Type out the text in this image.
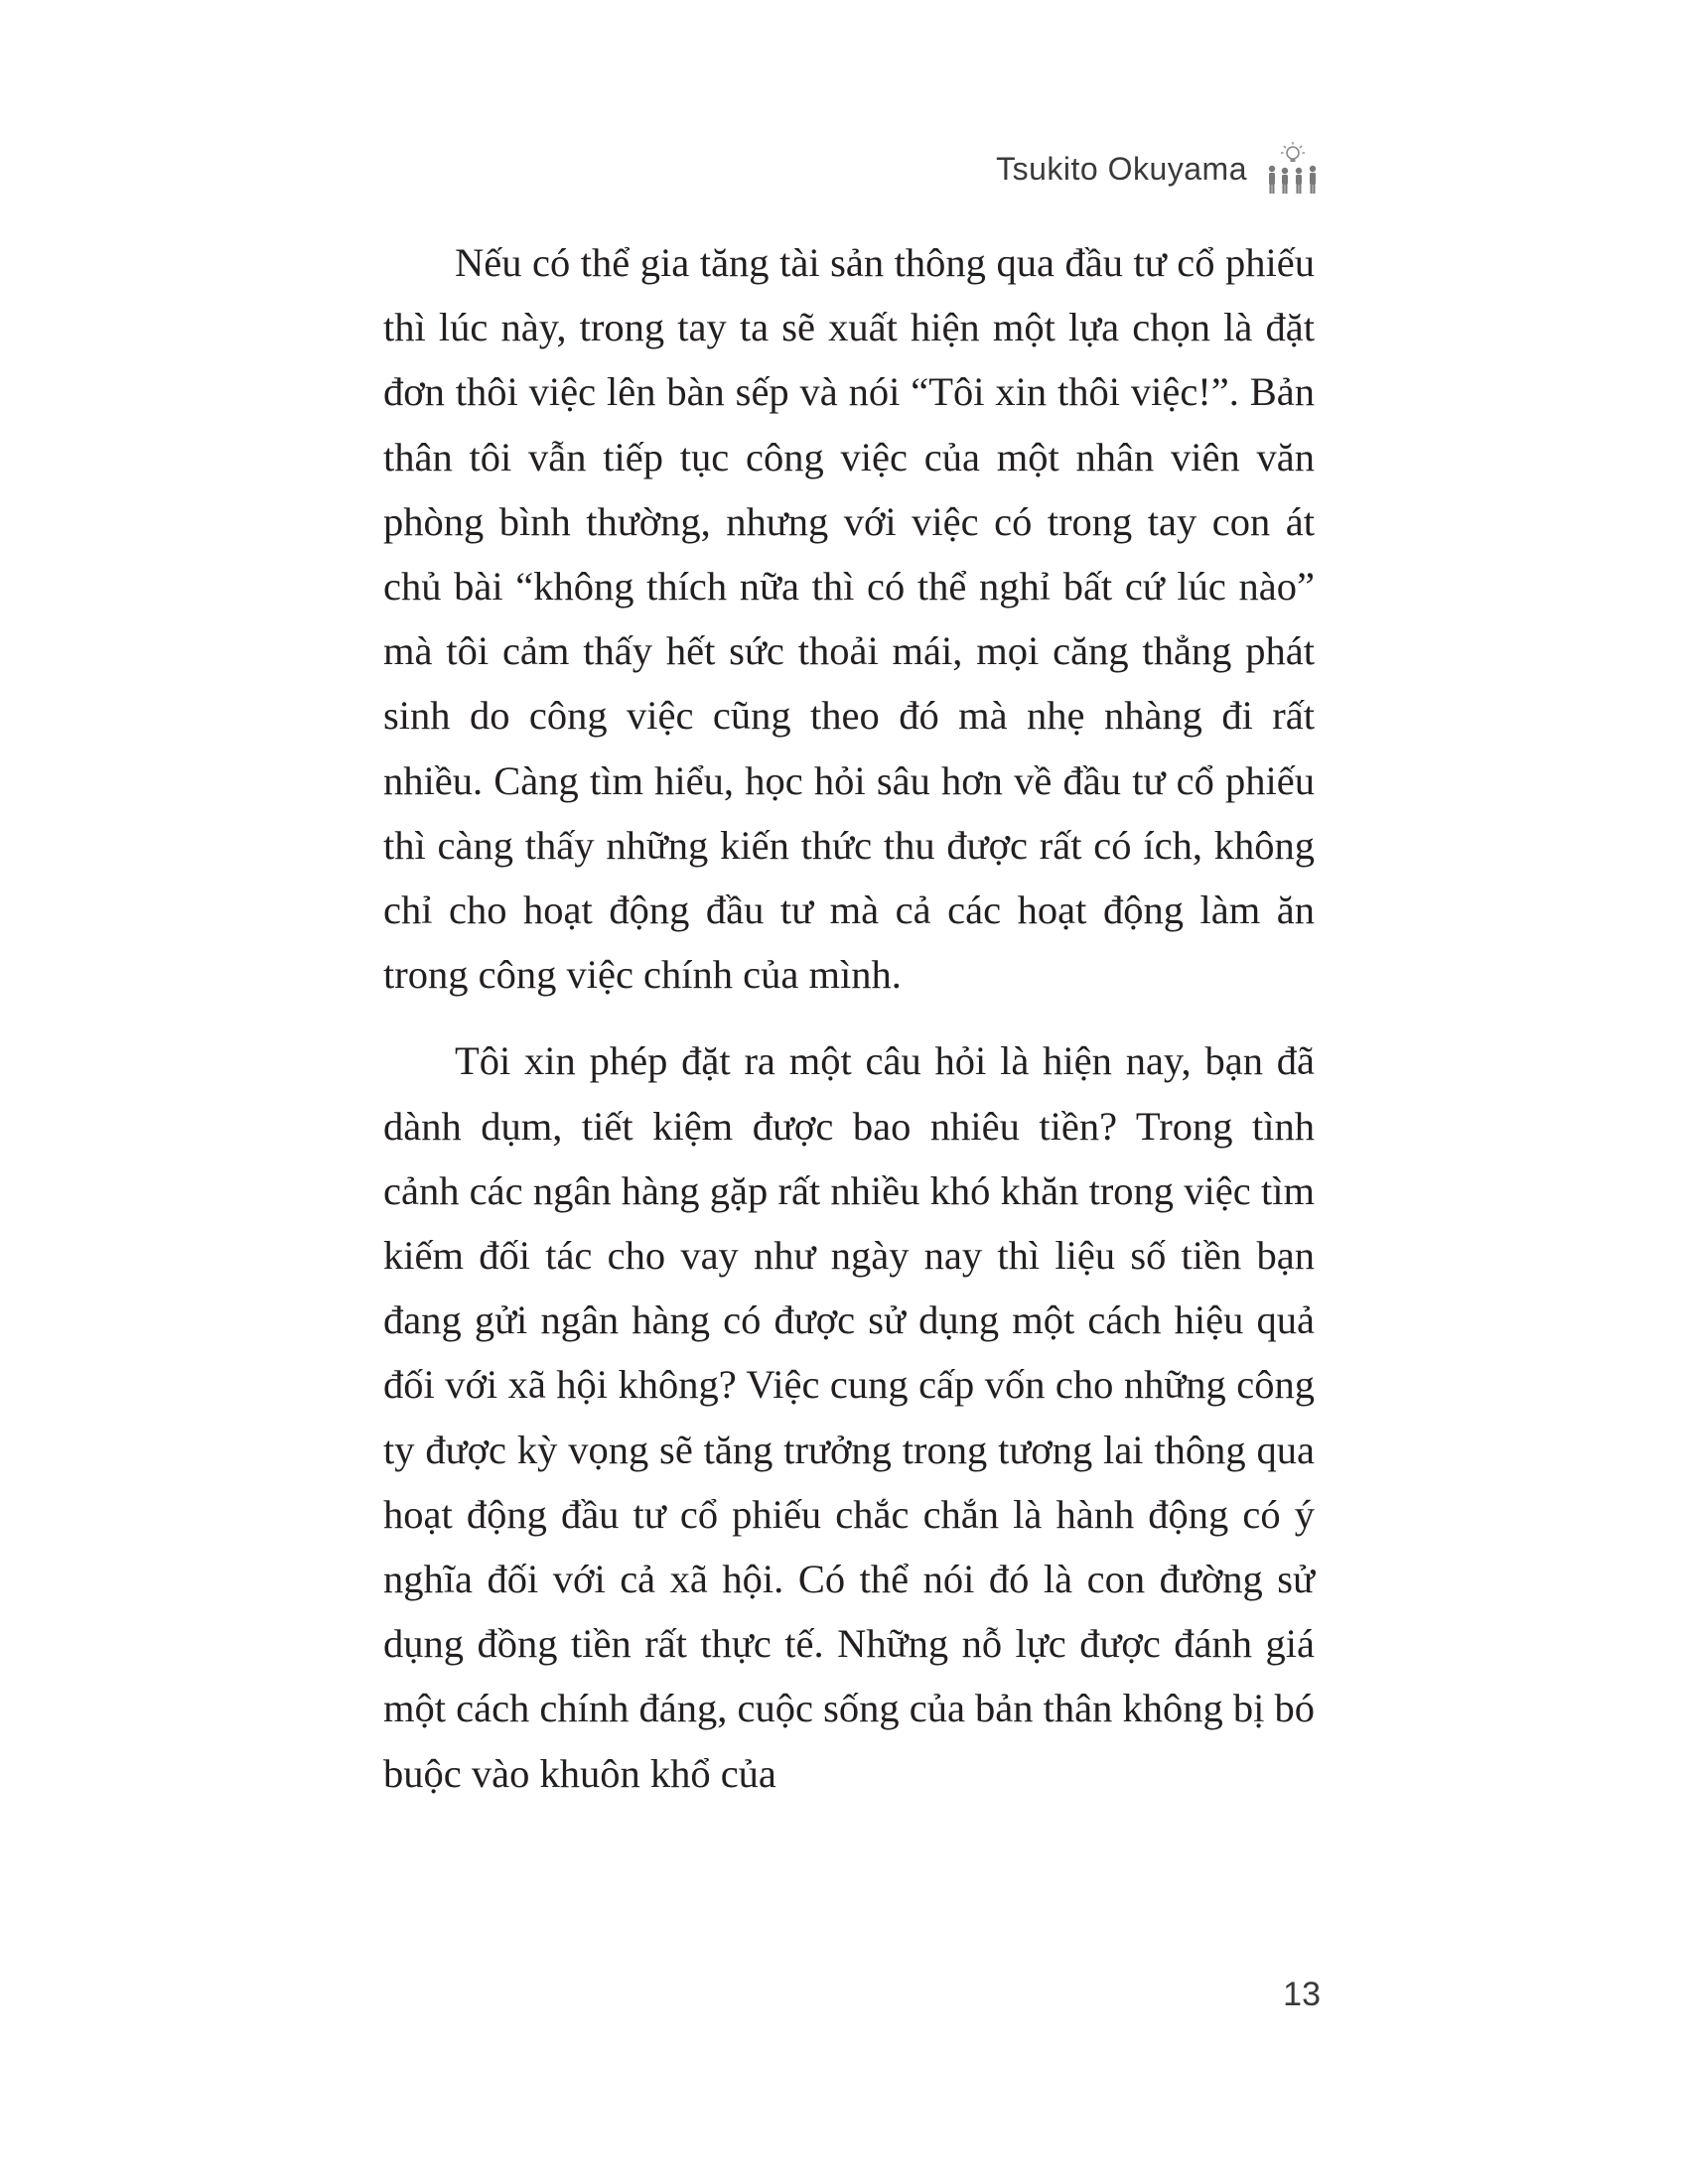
Tsukito Okuyama

Nếu có thể gia tăng tài sản thông qua đầu tư cổ phiếu thì lúc này, trong tay ta sẽ xuất hiện một lựa chọn là đặt đơn thôi việc lên bàn sếp và nói “Tôi xin thôi việc!”. Bản thân tôi vẫn tiếp tục công việc của một nhân viên văn phòng bình thường, nhưng với việc có trong tay con át chủ bài “không thích nữa thì có thể nghỉ bất cứ lúc nào” mà tôi cảm thấy hết sức thoải mái, mọi căng thẳng phát sinh do công việc cũng theo đó mà nhẹ nhàng đi rất nhiều. Càng tìm hiểu, học hỏi sâu hơn về đầu tư cổ phiếu thì càng thấy những kiến thức thu được rất có ích, không chỉ cho hoạt động đầu tư mà cả các hoạt động làm ăn trong công việc chính của mình.

Tôi xin phép đặt ra một câu hỏi là hiện nay, bạn đã dành dụm, tiết kiệm được bao nhiêu tiền? Trong tình cảnh các ngân hàng gặp rất nhiều khó khăn trong việc tìm kiếm đối tác cho vay như ngày nay thì liệu số tiền bạn đang gửi ngân hàng có được sử dụng một cách hiệu quả đối với xã hội không? Việc cung cấp vốn cho những công ty được kỳ vọng sẽ tăng trưởng trong tương lai thông qua hoạt động đầu tư cổ phiếu chắc chắn là hành động có ý nghĩa đối với cả xã hội. Có thể nói đó là con đường sử dụng đồng tiền rất thực tế. Những nỗ lực được đánh giá một cách chính đáng, cuộc sống của bản thân không bị bó buộc vào khuôn khổ của

13
